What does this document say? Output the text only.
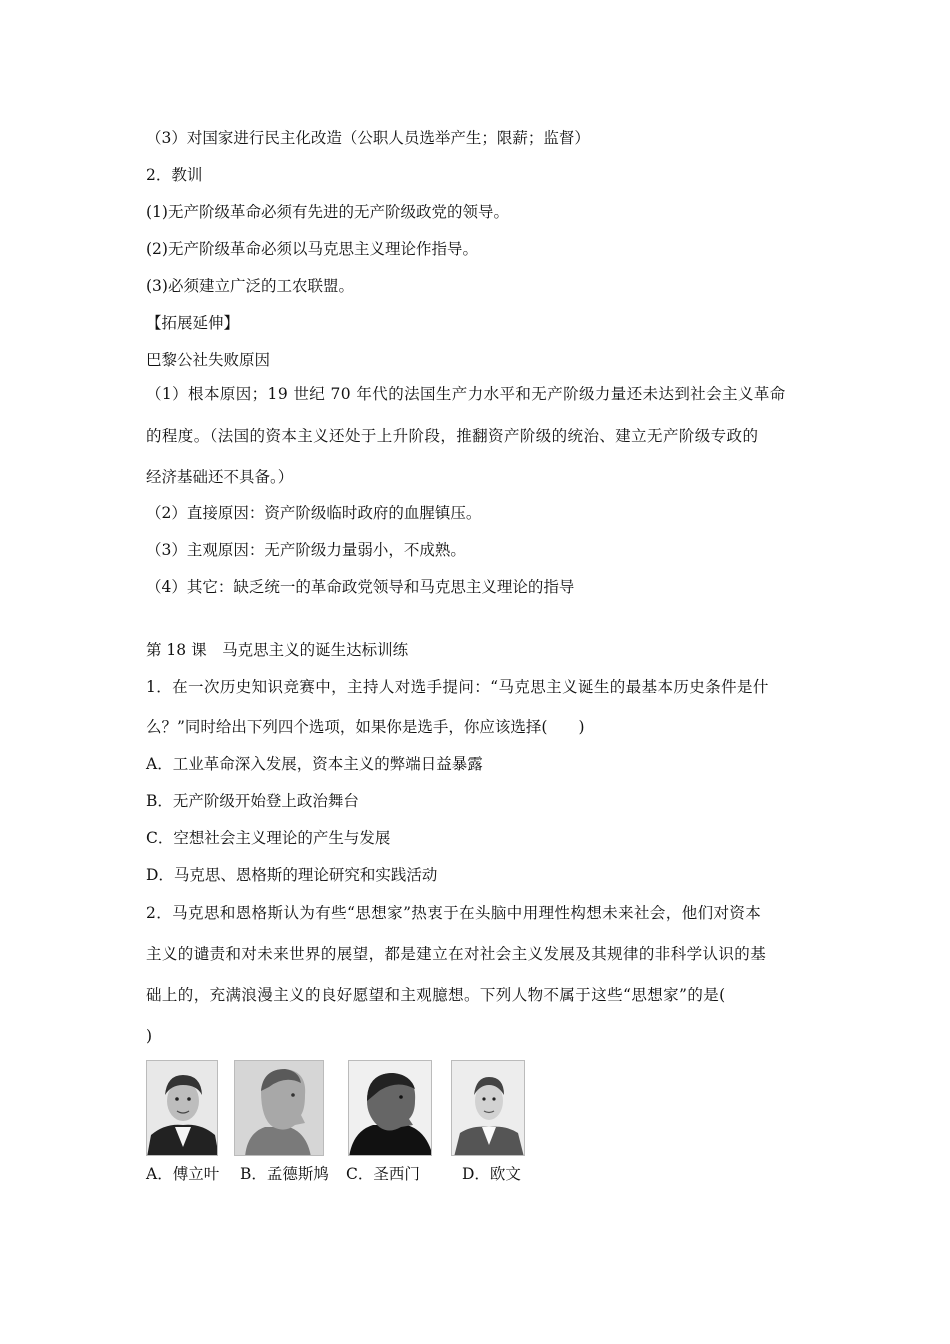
（3）对国家进行民主化改造（公职人员选举产生；限薪；监督）
2．教训
(1)无产阶级革命必须有先进的无产阶级政党的领导。
(2)无产阶级革命必须以马克思主义理论作指导。
(3)必须建立广泛的工农联盟。
【拓展延伸】
巴黎公社失败原因
（1）根本原因；19 世纪 70 年代的法国生产力水平和无产阶级力量还未达到社会主义革命
的程度。（法国的资本主义还处于上升阶段，推翻资产阶级的统治、建立无产阶级专政的
经济基础还不具备。）
（2）直接原因：资产阶级临时政府的血腥镇压。
（3）主观原因：无产阶级力量弱小，不成熟。
（4）其它：缺乏统一的革命政党领导和马克思主义理论的指导
第 18 课　马克思主义的诞生达标训练
1．在一次历史知识竞赛中，主持人对选手提问：“马克思主义诞生的最基本历史条件是什
么？”同时给出下列四个选项，如果你是选手，你应该选择(　　)
A．工业革命深入发展，资本主义的弊端日益暴露
B．无产阶级开始登上政治舞台
C．空想社会主义理论的产生与发展
D．马克思、恩格斯的理论研究和实践活动
2．马克思和恩格斯认为有些“思想家”热衷于在头脑中用理性构想未来社会，他们对资本
主义的谴责和对未来世界的展望，都是建立在对社会主义发展及其规律的非科学认识的基
础上的，充满浪漫主义的良好愿望和主观臆想。下列人物不属于这些“思想家”的是(
)
A．傅立叶 B．孟德斯鸠 C．圣西门	D．欧文
